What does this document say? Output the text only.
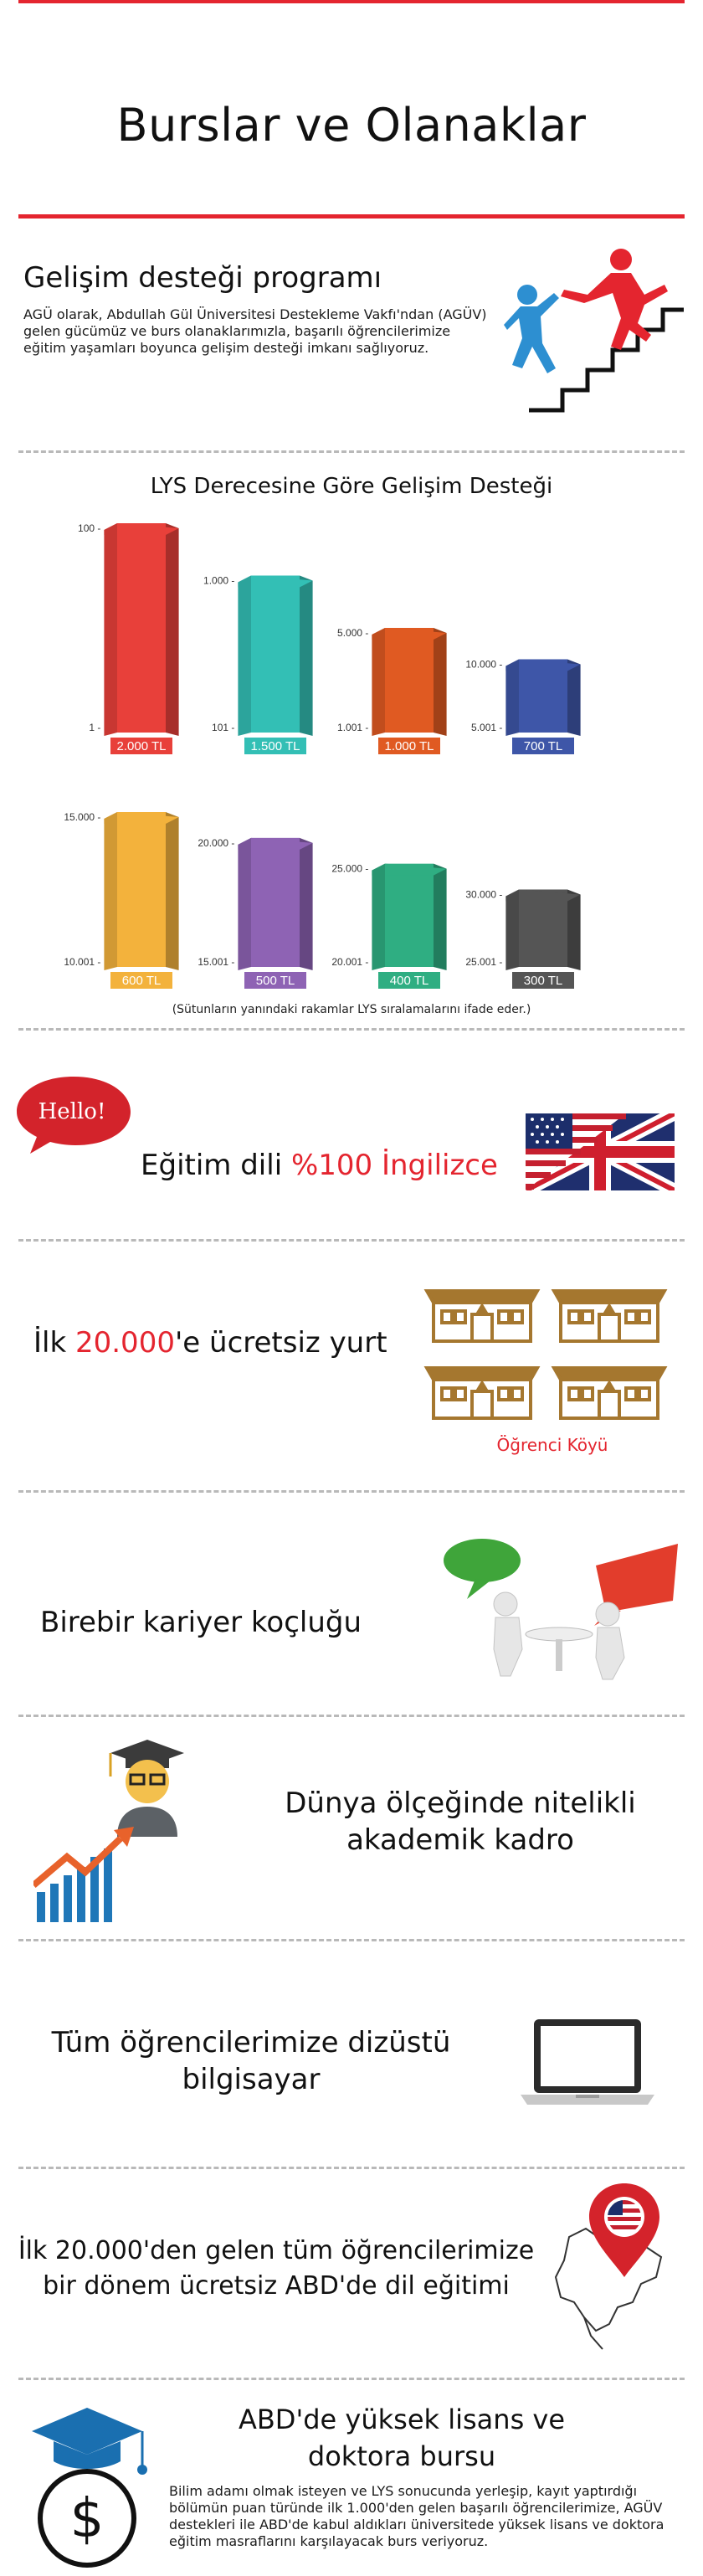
Burslar ve Olanaklar
Gelişim desteği programı
AGÜ olarak, Abdullah Gül Üniversitesi Destekleme Vakfı'ndan (AGÜV)
gelen gücümüz ve burs olanaklarımızla, başarılı öğrencilerimize
eğitim yaşamları boyunca gelişim desteği imkanı sağlıyoruz.
LYS Derecesine Göre Gelişim Desteği
100 -
1 -
2.000 TL
1.000 -
101 -
1.500 TL
5.000 -
1.001 -
1.000 TL
10.000 -
5.001 -
700 TL
15.000 -
10.001 -
600 TL
20.000 -
15.001 -
500 TL
25.000 -
20.001 -
400 TL
30.000 -
25.001 -
300 TL
(Sütunların yanındaki rakamlar LYS sıralamalarını ifade eder.)
Hello!
Eğitim dili %100 İngilizce
İlk 20.000'e ücretsiz yurt
Öğrenci Köyü
Birebir kariyer koçluğu
Dünya ölçeğinde nitelikli
akademik kadro
Tüm öğrencilerimize dizüstü
bilgisayar
İlk 20.000'den gelen tüm öğrencilerimize
bir dönem ücretsiz ABD'de dil eğitimi
$
ABD'de yüksek lisans ve
doktora bursu
Bilim adamı olmak isteyen ve LYS sonucunda yerleşip, kayıt yaptırdığı
bölümün puan türünde ilk 1.000'den gelen başarılı öğrencilerimize, AGÜV
destekleri ile ABD'de kabul aldıkları üniversitede yüksek lisans ve doktora
eğitim masraflarını karşılayacak burs veriyoruz.
